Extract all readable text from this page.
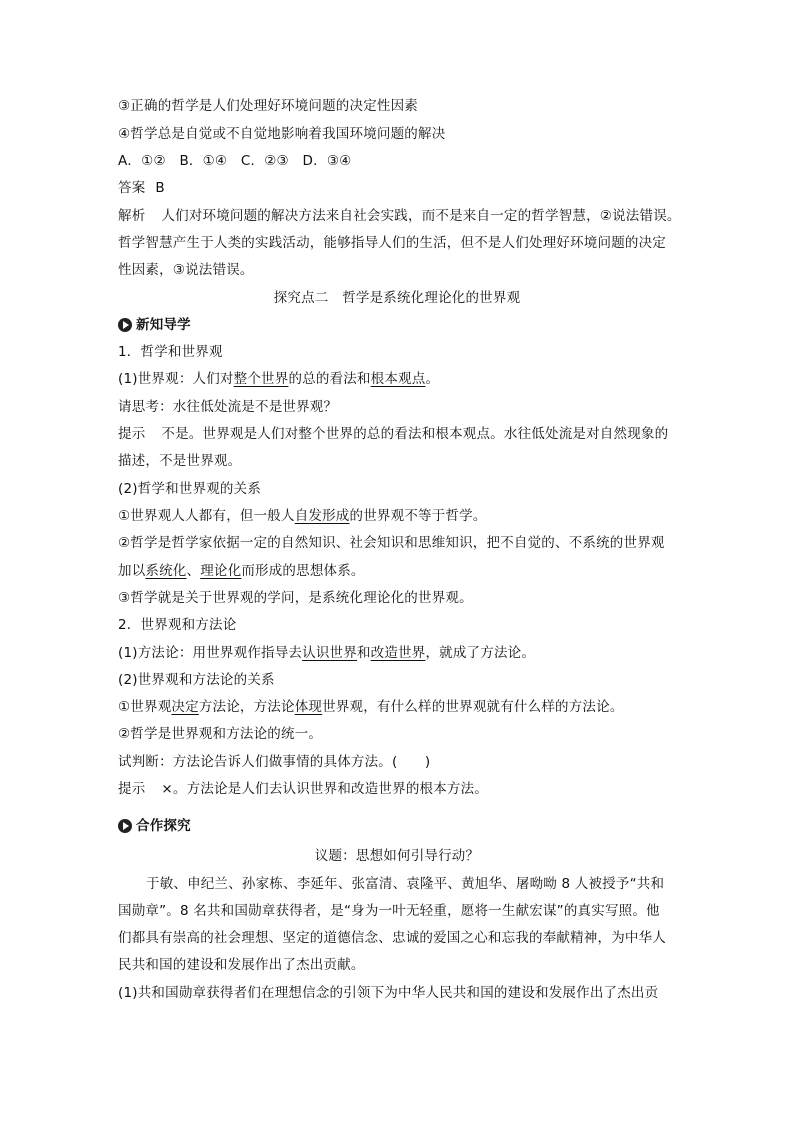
③正确的哲学是人们处理好环境问题的决定性因素
④哲学总是自觉或不自觉地影响着我国环境问题的解决
A．①②　B．①④　C．②③　D．③④
答案 B
解析 人们对环境问题的解决方法来自社会实践，而不是来自一定的哲学智慧，②说法错误。
哲学智慧产生于人类的实践活动，能够指导人们的生活，但不是人们处理好环境问题的决定
性因素，③说法错误。
探究点二　哲学是系统化理论化的世界观
新知导学
1．哲学和世界观
(1)世界观：人们对整个世界的总的看法和根本观点。
请思考：水往低处流是不是世界观？
提示 不是。世界观是人们对整个世界的总的看法和根本观点。水往低处流是对自然现象的
描述，不是世界观。
(2)哲学和世界观的关系
①世界观人人都有，但一般人自发形成的世界观不等于哲学。
②哲学是哲学家依据一定的自然知识、社会知识和思维知识，把不自觉的、不系统的世界观
加以系统化、理论化而形成的思想体系。
③哲学就是关于世界观的学问，是系统化理论化的世界观。
2．世界观和方法论
(1)方法论：用世界观作指导去认识世界和改造世界，就成了方法论。
(2)世界观和方法论的关系
①世界观决定方法论，方法论体现世界观，有什么样的世界观就有什么样的方法论。
②哲学是世界观和方法论的统一。
试判断：方法论告诉人们做事情的具体方法。(　　)
提示 ×。方法论是人们去认识世界和改造世界的根本方法。
合作探究
议题：思想如何引导行动？
于敏、申纪兰、孙家栋、李延年、张富清、袁隆平、黄旭华、屠呦呦 8 人被授予“共和
国勋章”。8 名共和国勋章获得者，是“身为一叶无轻重，愿将一生献宏谋”的真实写照。他
们都具有崇高的社会理想、坚定的道德信念、忠诚的爱国之心和忘我的奉献精神，为中华人
民共和国的建设和发展作出了杰出贡献。
(1)共和国勋章获得者们在理想信念的引领下为中华人民共和国的建设和发展作出了杰出贡
